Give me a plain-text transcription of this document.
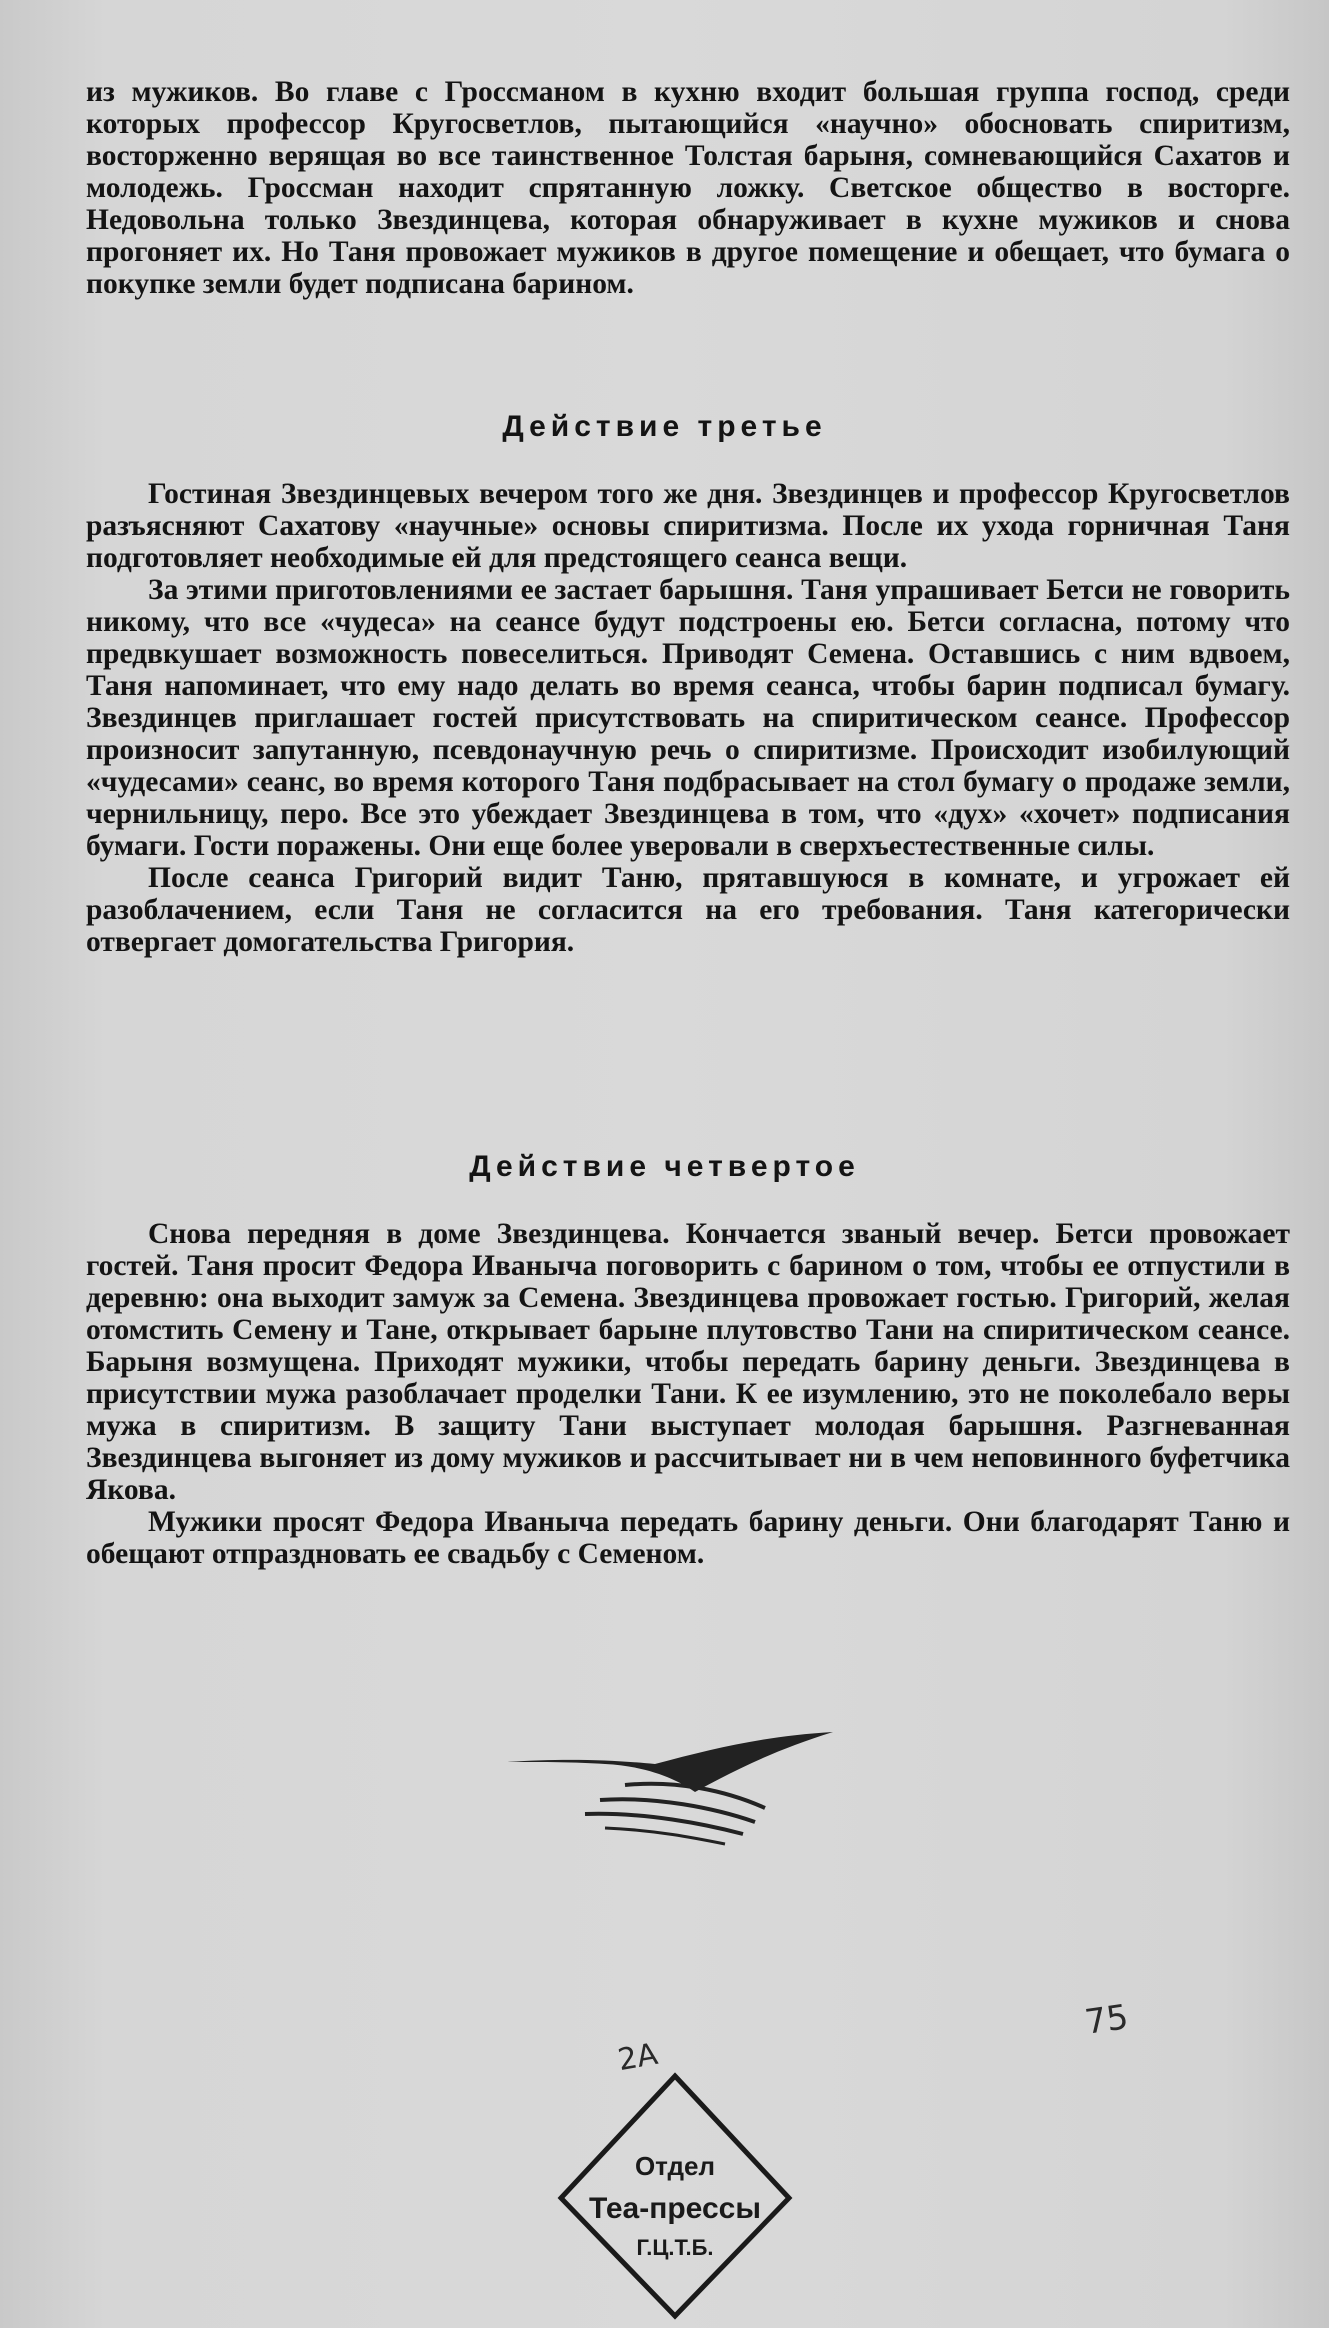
из мужиков. Во главе с Гроссманом в кухню входит большая группа господ, среди которых профессор Кругосветлов, пытающийся «научно» обосновать спиритизм, восторженно верящая во все таинственное Толстая барыня, сомневающийся Сахатов и молодежь. Гроссман находит спрятанную ложку. Светское общество в восторге. Недовольна только Звездинцева, которая обнаруживает в кухне мужиков и снова прогоняет их. Но Таня провожает мужиков в другое помещение и обещает, что бумага о покупке земли будет подписана барином.

Действие третье

Гостиная Звездинцевых вечером того же дня. Звездинцев и профессор Кругосветлов разъясняют Сахатову «научные» основы спиритизма. После их ухода горничная Таня подготовляет необходимые ей для предстоящего сеанса вещи.

За этими приготовлениями ее застает барышня. Таня упрашивает Бетси не говорить никому, что все «чудеса» на сеансе будут подстроены ею. Бетси согласна, потому что предвкушает возможность повеселиться. Приводят Семена. Оставшись с ним вдвоем, Таня напоминает, что ему надо делать во время сеанса, чтобы барин подписал бумагу. Звездинцев приглашает гостей присутствовать на спиритическом сеансе. Профессор произносит запутанную, псевдонаучную речь о спиритизме. Происходит изобилующий «чудесами» сеанс, во время которого Таня подбрасывает на стол бумагу о продаже земли, чернильницу, перо. Все это убеждает Звездинцева в том, что «дух» «хочет» подписания бумаги. Гости поражены. Они еще более уверовали в сверхъестественные силы.

После сеанса Григорий видит Таню, прятавшуюся в комнате, и угрожает ей разоблачением, если Таня не согласится на его требования. Таня категорически отвергает домогательства Григория.

Действие четвертое

Снова передняя в доме Звездинцева. Кончается званый вечер. Бетси провожает гостей. Таня просит Федора Иваныча поговорить с барином о том, чтобы ее отпустили в деревню: она выходит замуж за Семена. Звездинцева провожает гостью. Григорий, желая отомстить Семену и Тане, открывает барыне плутовство Тани на спиритическом сеансе. Барыня возмущена. Приходят мужики, чтобы передать барину деньги. Звездинцева в присутствии мужа разоблачает проделки Тани. К ее изумлению, это не поколебало веры мужа в спиритизм. В защиту Тани выступает молодая барышня. Разгневанная Звездинцева выгоняет из дому мужиков и рассчитывает ни в чем неповинного буфетчика Якова.

Мужики просят Федора Иваныча передать барину деньги. Они благодарят Таню и обещают отпраздновать ее свадьбу с Семеном.

75
2А
Отдел
Теа-прессы
Г.Ц.Т.Б.
